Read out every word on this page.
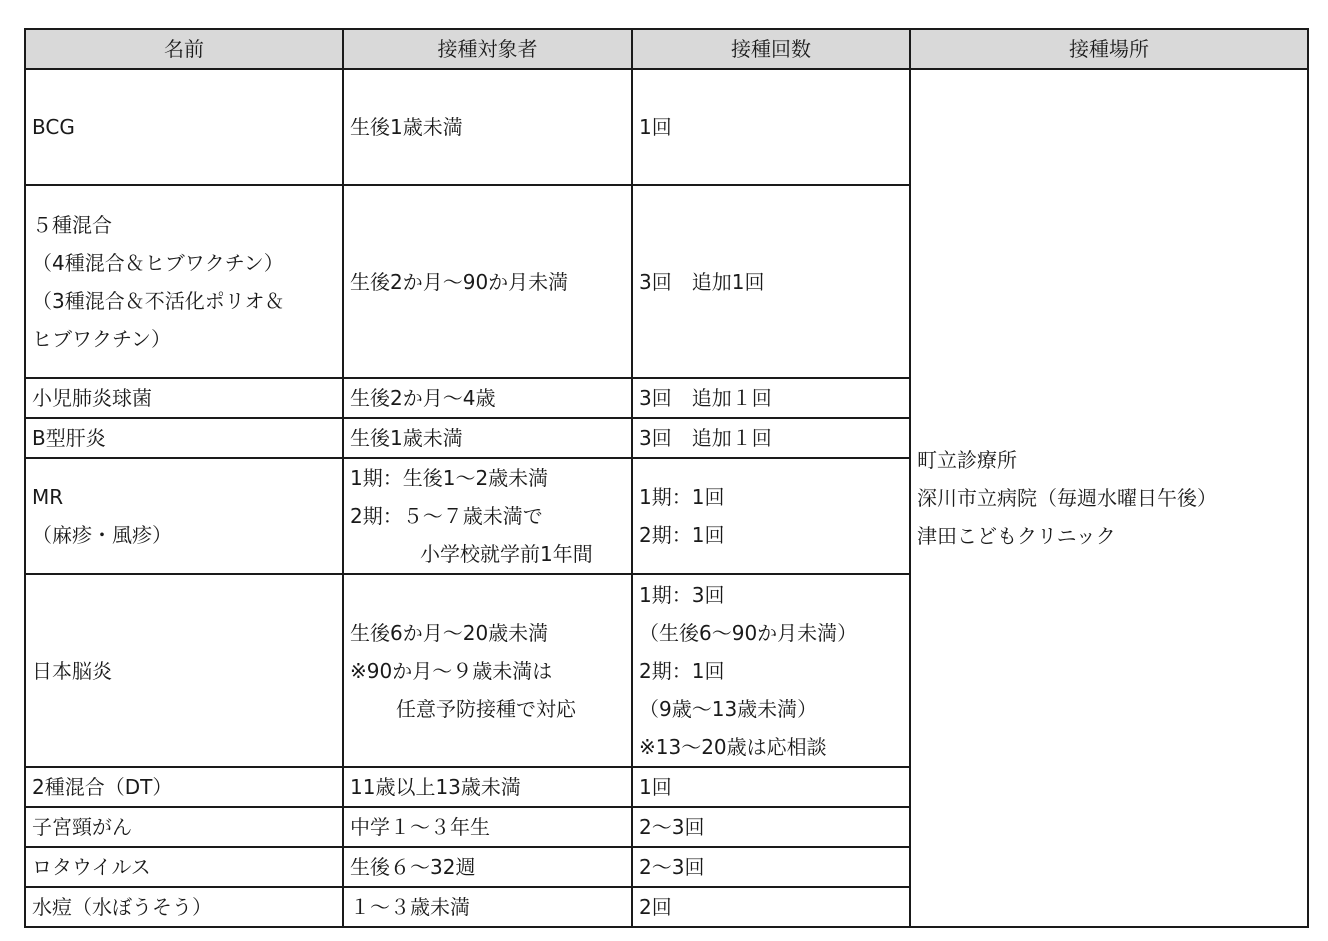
名前	接種対象者	接種回数	接種場所

BCG	生後1歳未満	1回	町立診療所
深川市立病院（毎週水曜日午後）
津田こどもクリニック

５種混合
（4種混合＆ヒブワクチン）
（3種混合＆不活化ポリオ＆
ヒブワクチン）	生後2か月〜90か月未満	3回　追加1回	

小児肺炎球菌	生後2か月〜4歳	3回　追加１回	

B型肝炎	生後1歳未満	3回　追加１回	

MR
（麻疹・風疹）	1期：生後1〜2歳未満
2期：５〜７歳未満で
小学校就学前1年間	1期：1回
2期：1回	

日本脳炎	生後6か月〜20歳未満
※90か月〜９歳未満は
任意予防接種で対応	1期：3回
（生後6〜90か月未満）
2期：1回
（9歳〜13歳未満）
※13〜20歳は応相談	

2種混合（DT）	11歳以上13歳未満	1回	

子宮頸がん	中学１〜３年生	2〜3回	

ロタウイルス	生後６〜32週	2〜3回	

水痘（水ぼうそう）	１〜３歳未満	2回	
